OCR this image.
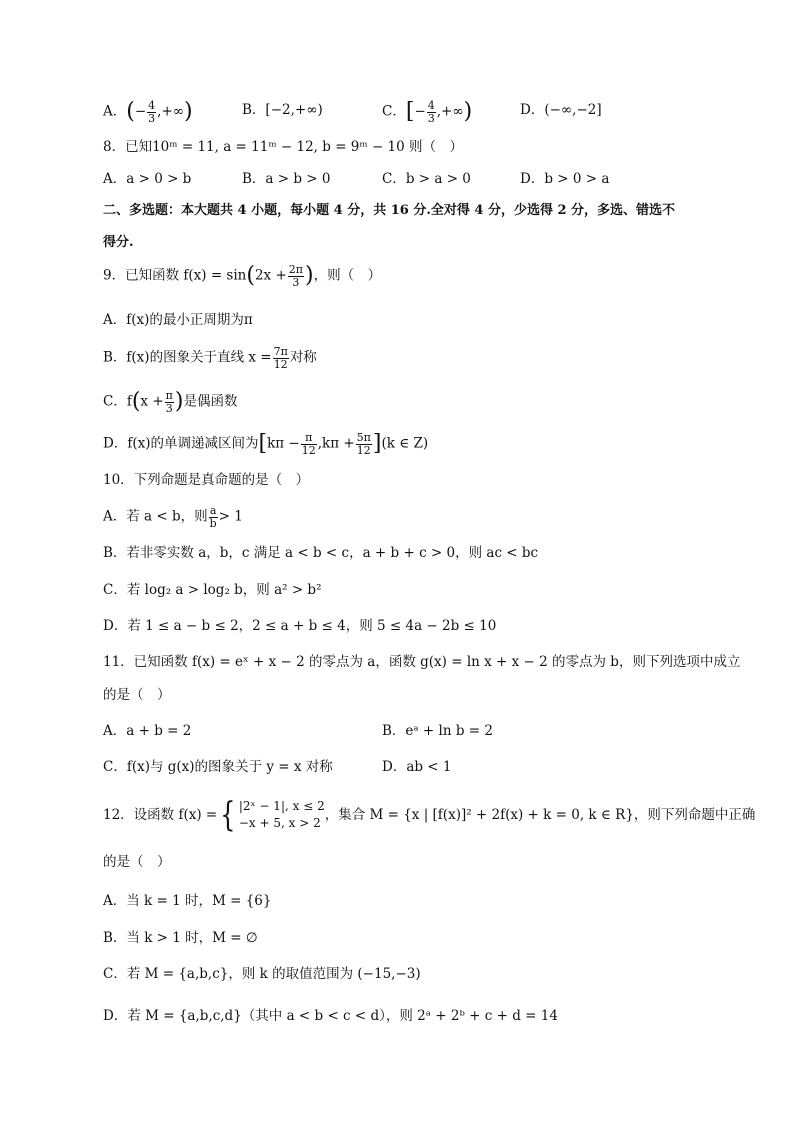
A．(− $\frac{4}{3}$ ,+∞)	B．[−2,+∞)	C．[− $\frac{4}{3}$ ,+∞)	D．(−∞,−2]
8．已知10ᵐ = 11, a = 11ᵐ − 12, b = 9ᵐ − 10 则（　）
A．a > 0 > b	B．a > b > 0	C．b > a > 0	D．b > 0 > a
二、多选题：本大题共 4 小题，每小题 4 分，共 16 分.全对得 4 分，少选得 2 分，多选、错选不
得分.
9．已知函数 $f(x) = \sin(2x + \frac{2\pi}{3}$ )，则（　）
A．f(x)的最小正周期为π
B．f(x)的图象关于直线 $x = \frac{7\pi}{12}$ 对称
C．$f(x + \frac{\pi}{3}$ )是偶函数
D．f(x)的单调递减区间为$[k\pi - \frac{\pi}{12} ,k\pi + \frac{5\pi}{12} ](k$ ∈ Z)
10．下列命题是真命题的是（　）
A．若 a < b，则 $\frac{a}{b} > 1$
B．若非零实数 a，b，c 满足 a < b < c，a + b + c > 0，则 ac < bc
C．若 log₂ a > log₂ b，则 a² > b²
D．若 1 ≤ a − b ≤ 2，2 ≤ a + b ≤ 4，则 5 ≤ 4a − 2b ≤ 10
11．已知函数 f(x) = eˣ + x − 2 的零点为 a，函数 g(x) = ln x + x − 2 的零点为 b，则下列选项中成立
的是（　）
A．a + b = 2	B．eᵃ + ln b = 2
C．f(x)与 g(x)的图象关于 y = x 对称	D．ab < 1
12．设函数 f(x) ={ |2ˣ − 1|, x ≤ 2
−x + 5, x > 2
，集合 M = {x | [f(x)]² + 2f(x) + k = 0, k ∈ R}，则下列命题中正确
的是（　）
A．当 k = 1 时，M = {6}
B．当 k > 1 时，M = ∅
C．若 M = {a,b,c}，则 k 的取值范围为 (−15,−3)
D．若 M = {a,b,c,d}（其中 a < b < c < d），则 2ᵃ + 2ᵇ + c + d = 14
